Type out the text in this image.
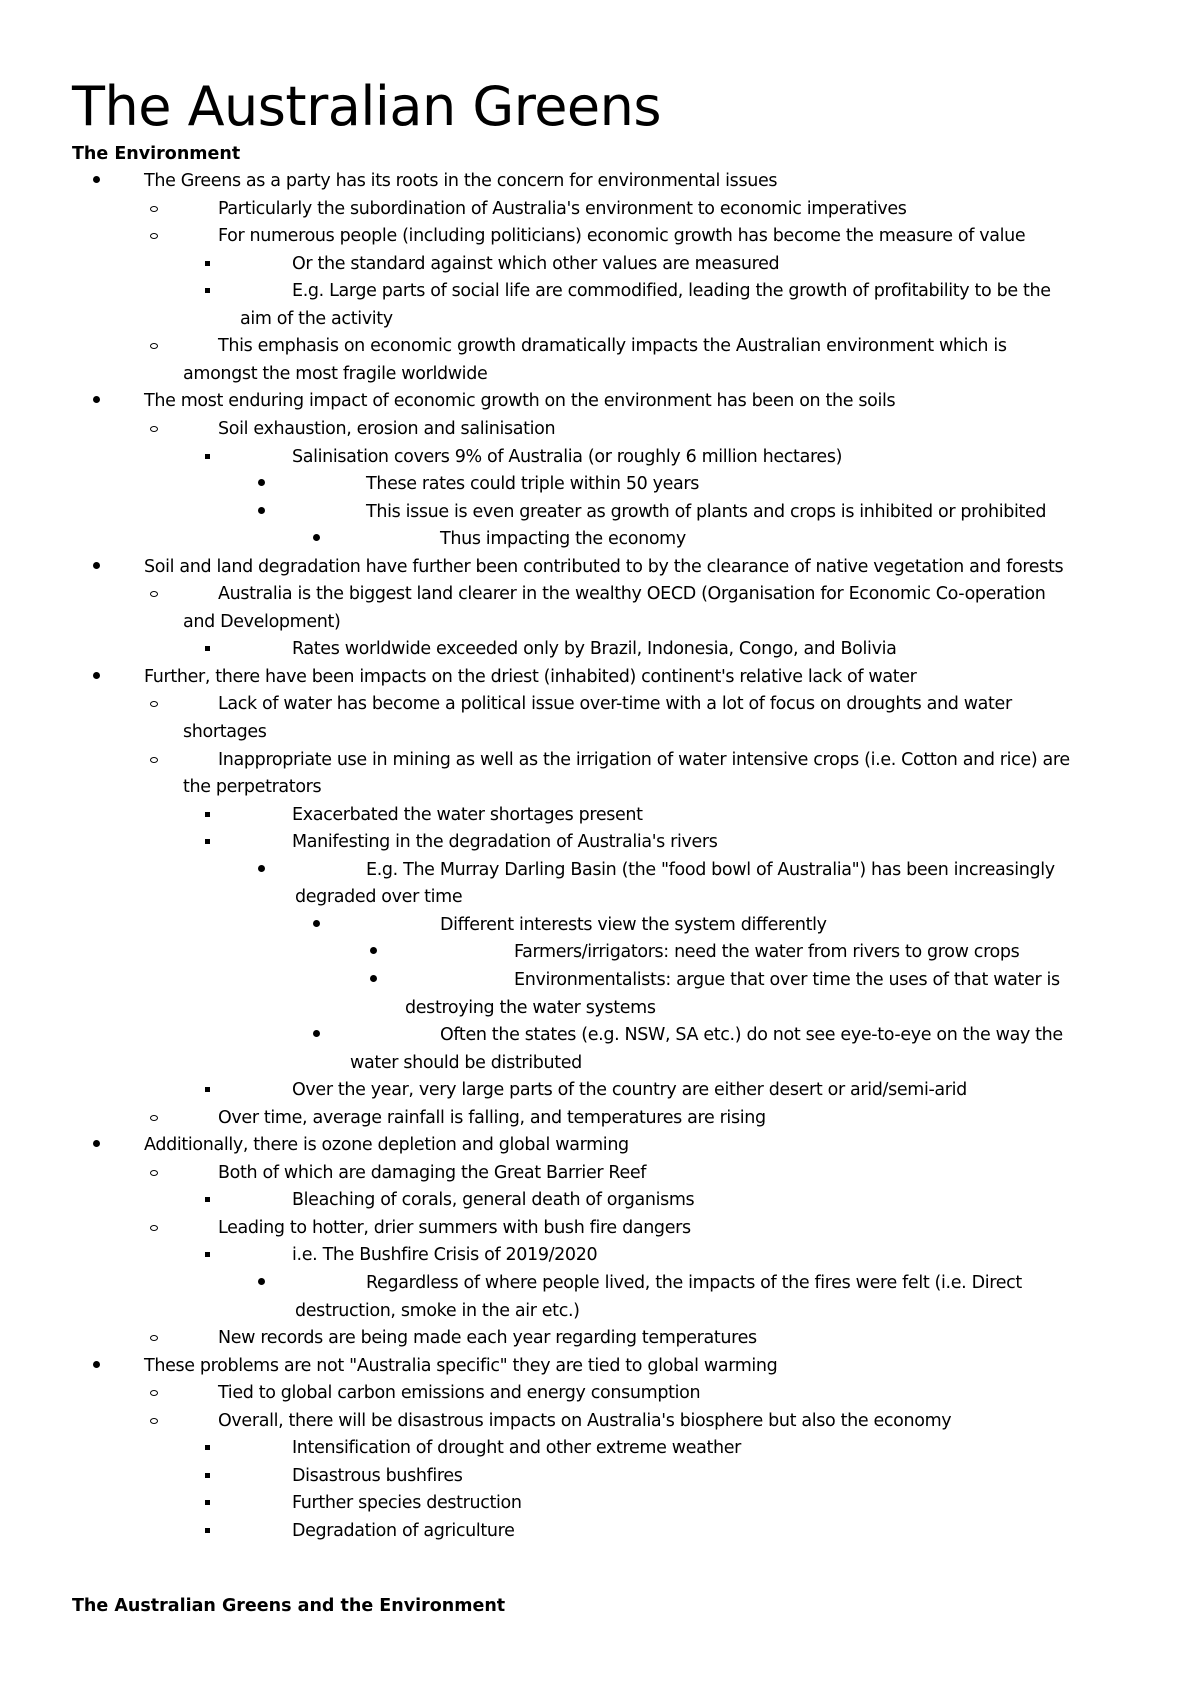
The Australian Greens
The Environment

The Greens as a party has its roots in the concern for environmental issues

Particularly the subordination of Australia's environment to economic imperatives

For numerous people (including politicians) economic growth has become the measure of value

Or the standard against which other values are measured

E.g. Large parts of social life are commodified, leading the growth of profitability to be the

aim of the activity

This emphasis on economic growth dramatically impacts the Australian environment which is

amongst the most fragile worldwide

The most enduring impact of economic growth on the environment has been on the soils

Soil exhaustion, erosion and salinisation

Salinisation covers 9% of Australia (or roughly 6 million hectares)

These rates could triple within 50 years

This issue is even greater as growth of plants and crops is inhibited or prohibited

Thus impacting the economy

Soil and land degradation have further been contributed to by the clearance of native vegetation and forests

Australia is the biggest land clearer in the wealthy OECD (Organisation for Economic Co-operation

and Development)

Rates worldwide exceeded only by Brazil, Indonesia, Congo, and Bolivia

Further, there have been impacts on the driest (inhabited) continent's relative lack of water

Lack of water has become a political issue over-time with a lot of focus on droughts and water

shortages

Inappropriate use in mining as well as the irrigation of water intensive crops (i.e. Cotton and rice) are

the perpetrators

Exacerbated the water shortages present

Manifesting in the degradation of Australia's rivers

E.g. The Murray Darling Basin (the "food bowl of Australia") has been increasingly

degraded over time

Different interests view the system differently

Farmers/irrigators: need the water from rivers to grow crops

Environmentalists: argue that over time the uses of that water is

destroying the water systems

Often the states (e.g. NSW, SA etc.) do not see eye-to-eye on the way the

water should be distributed

Over the year, very large parts of the country are either desert or arid/semi-arid

Over time, average rainfall is falling, and temperatures are rising

Additionally, there is ozone depletion and global warming

Both of which are damaging the Great Barrier Reef

Bleaching of corals, general death of organisms

Leading to hotter, drier summers with bush fire dangers

i.e. The Bushfire Crisis of 2019/2020

Regardless of where people lived, the impacts of the fires were felt (i.e. Direct

destruction, smoke in the air etc.)

New records are being made each year regarding temperatures

These problems are not "Australia specific" they are tied to global warming

Tied to global carbon emissions and energy consumption

Overall, there will be disastrous impacts on Australia's biosphere but also the economy

Intensification of drought and other extreme weather

Disastrous bushfires

Further species destruction

Degradation of agriculture

The Australian Greens and the Environment
